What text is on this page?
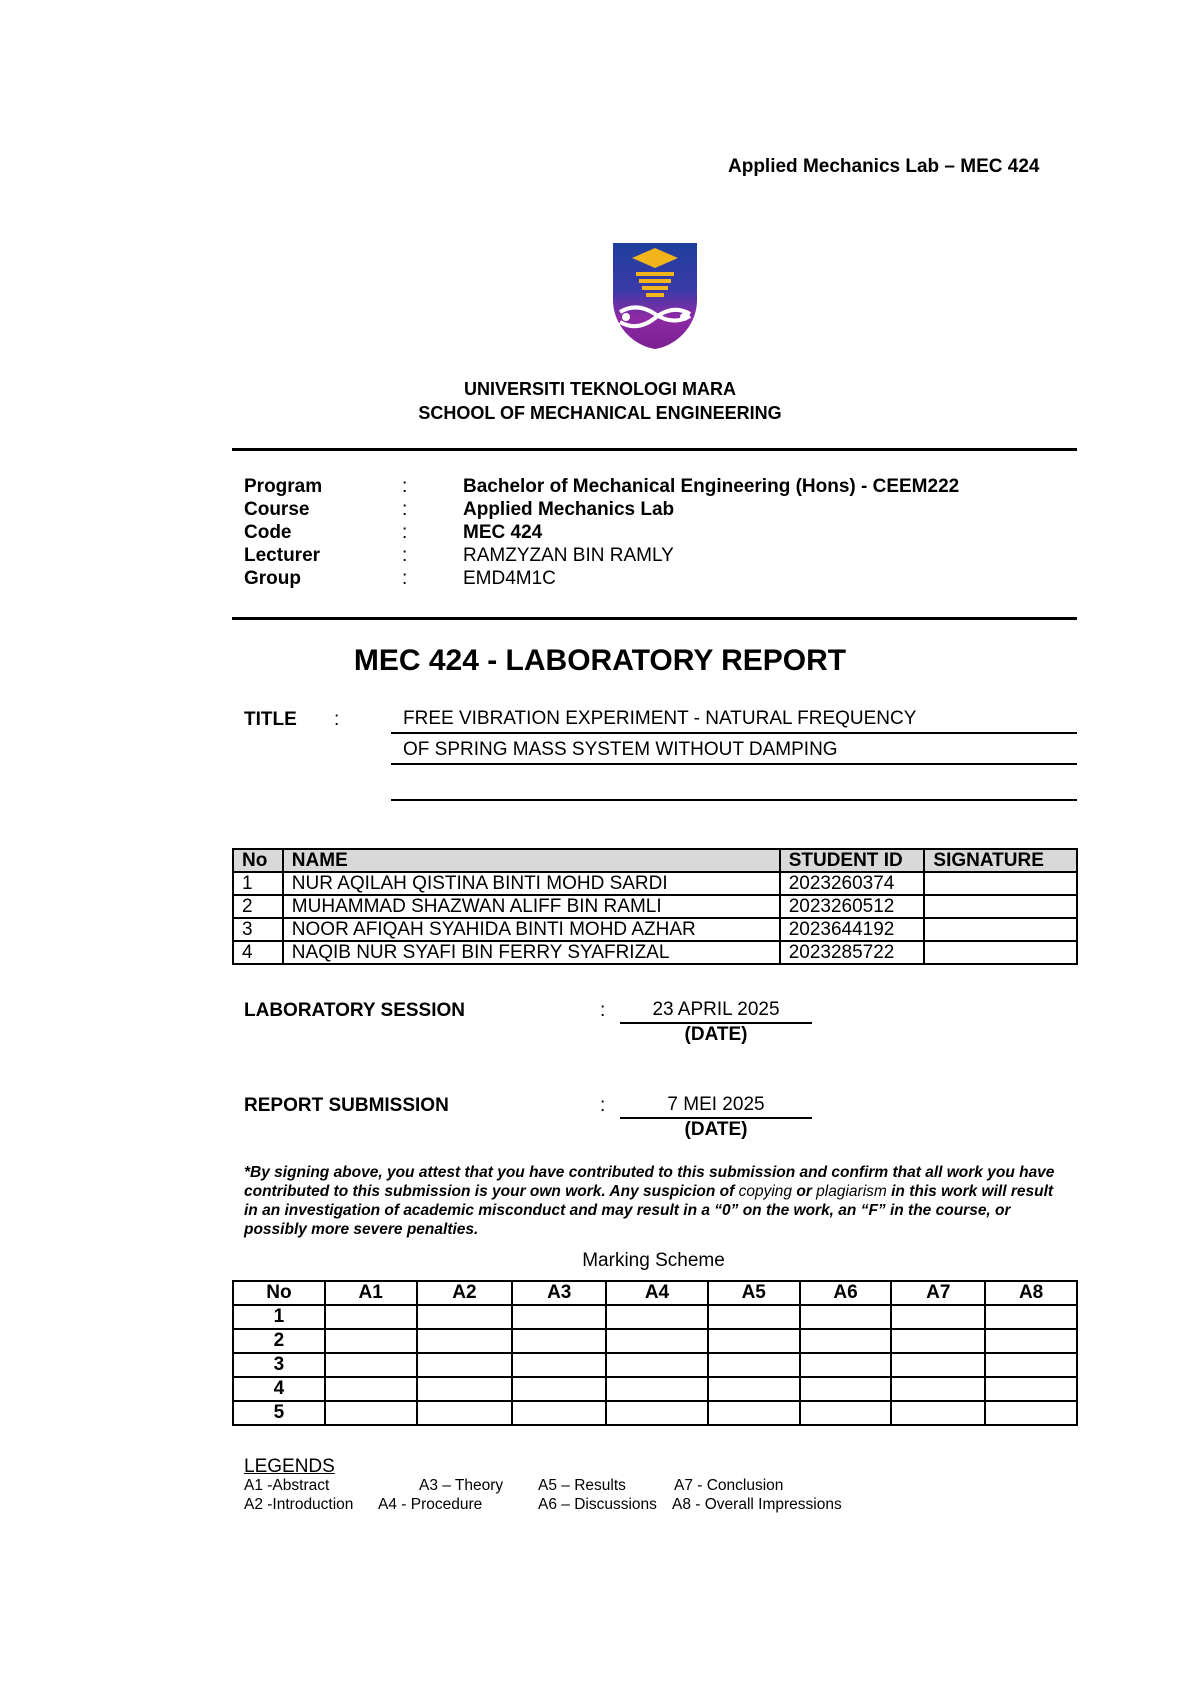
Applied Mechanics Lab – MEC 424
UNIVERSITI TEKNOLOGI MARA
SCHOOL OF MECHANICAL ENGINEERING
Program	:	Bachelor of Mechanical Engineering (Hons) - CEEM222
Course	:	Applied Mechanics Lab
Code	:	MEC 424
Lecturer	:	RAMZYZAN BIN RAMLY
Group	:	EMD4M1C
MEC 424 - LABORATORY REPORT
TITLE :	FREE VIBRATION EXPERIMENT - NATURAL FREQUENCY
OF SPRING MASS SYSTEM WITHOUT DAMPING
No	NAME	STUDENT ID	SIGNATURE
1	NUR AQILAH QISTINA BINTI MOHD SARDI	2023260374	
2	MUHAMMAD SHAZWAN ALIFF BIN RAMLI	2023260512	
3	NOOR AFIQAH SYAHIDA BINTI MOHD AZHAR	2023644192	
4	NAQIB NUR SYAFI BIN FERRY SYAFRIZAL	2023285722	
LABORATORY SESSION	:	23 APRIL 2025
(DATE)
REPORT SUBMISSION	:	7 MEI 2025
(DATE)
*By signing above, you attest that you have contributed to this submission and confirm that all work you have contributed to this submission is your own work. Any suspicion of copying or plagiarism in this work will result in an investigation of academic misconduct and may result in a “0” on the work, an “F” in the course, or possibly more severe penalties.
Marking Scheme
No	A1	A2	A3	A4	A5	A6	A7	A8
1								
2								
3								
4								
5								
LEGENDS
A1 -Abstract	A3 – Theory A5 – Results	A7 - Conclusion
A2 -Introduction A4 - Procedure	A6 – Discussions A8 - Overall Impressions
